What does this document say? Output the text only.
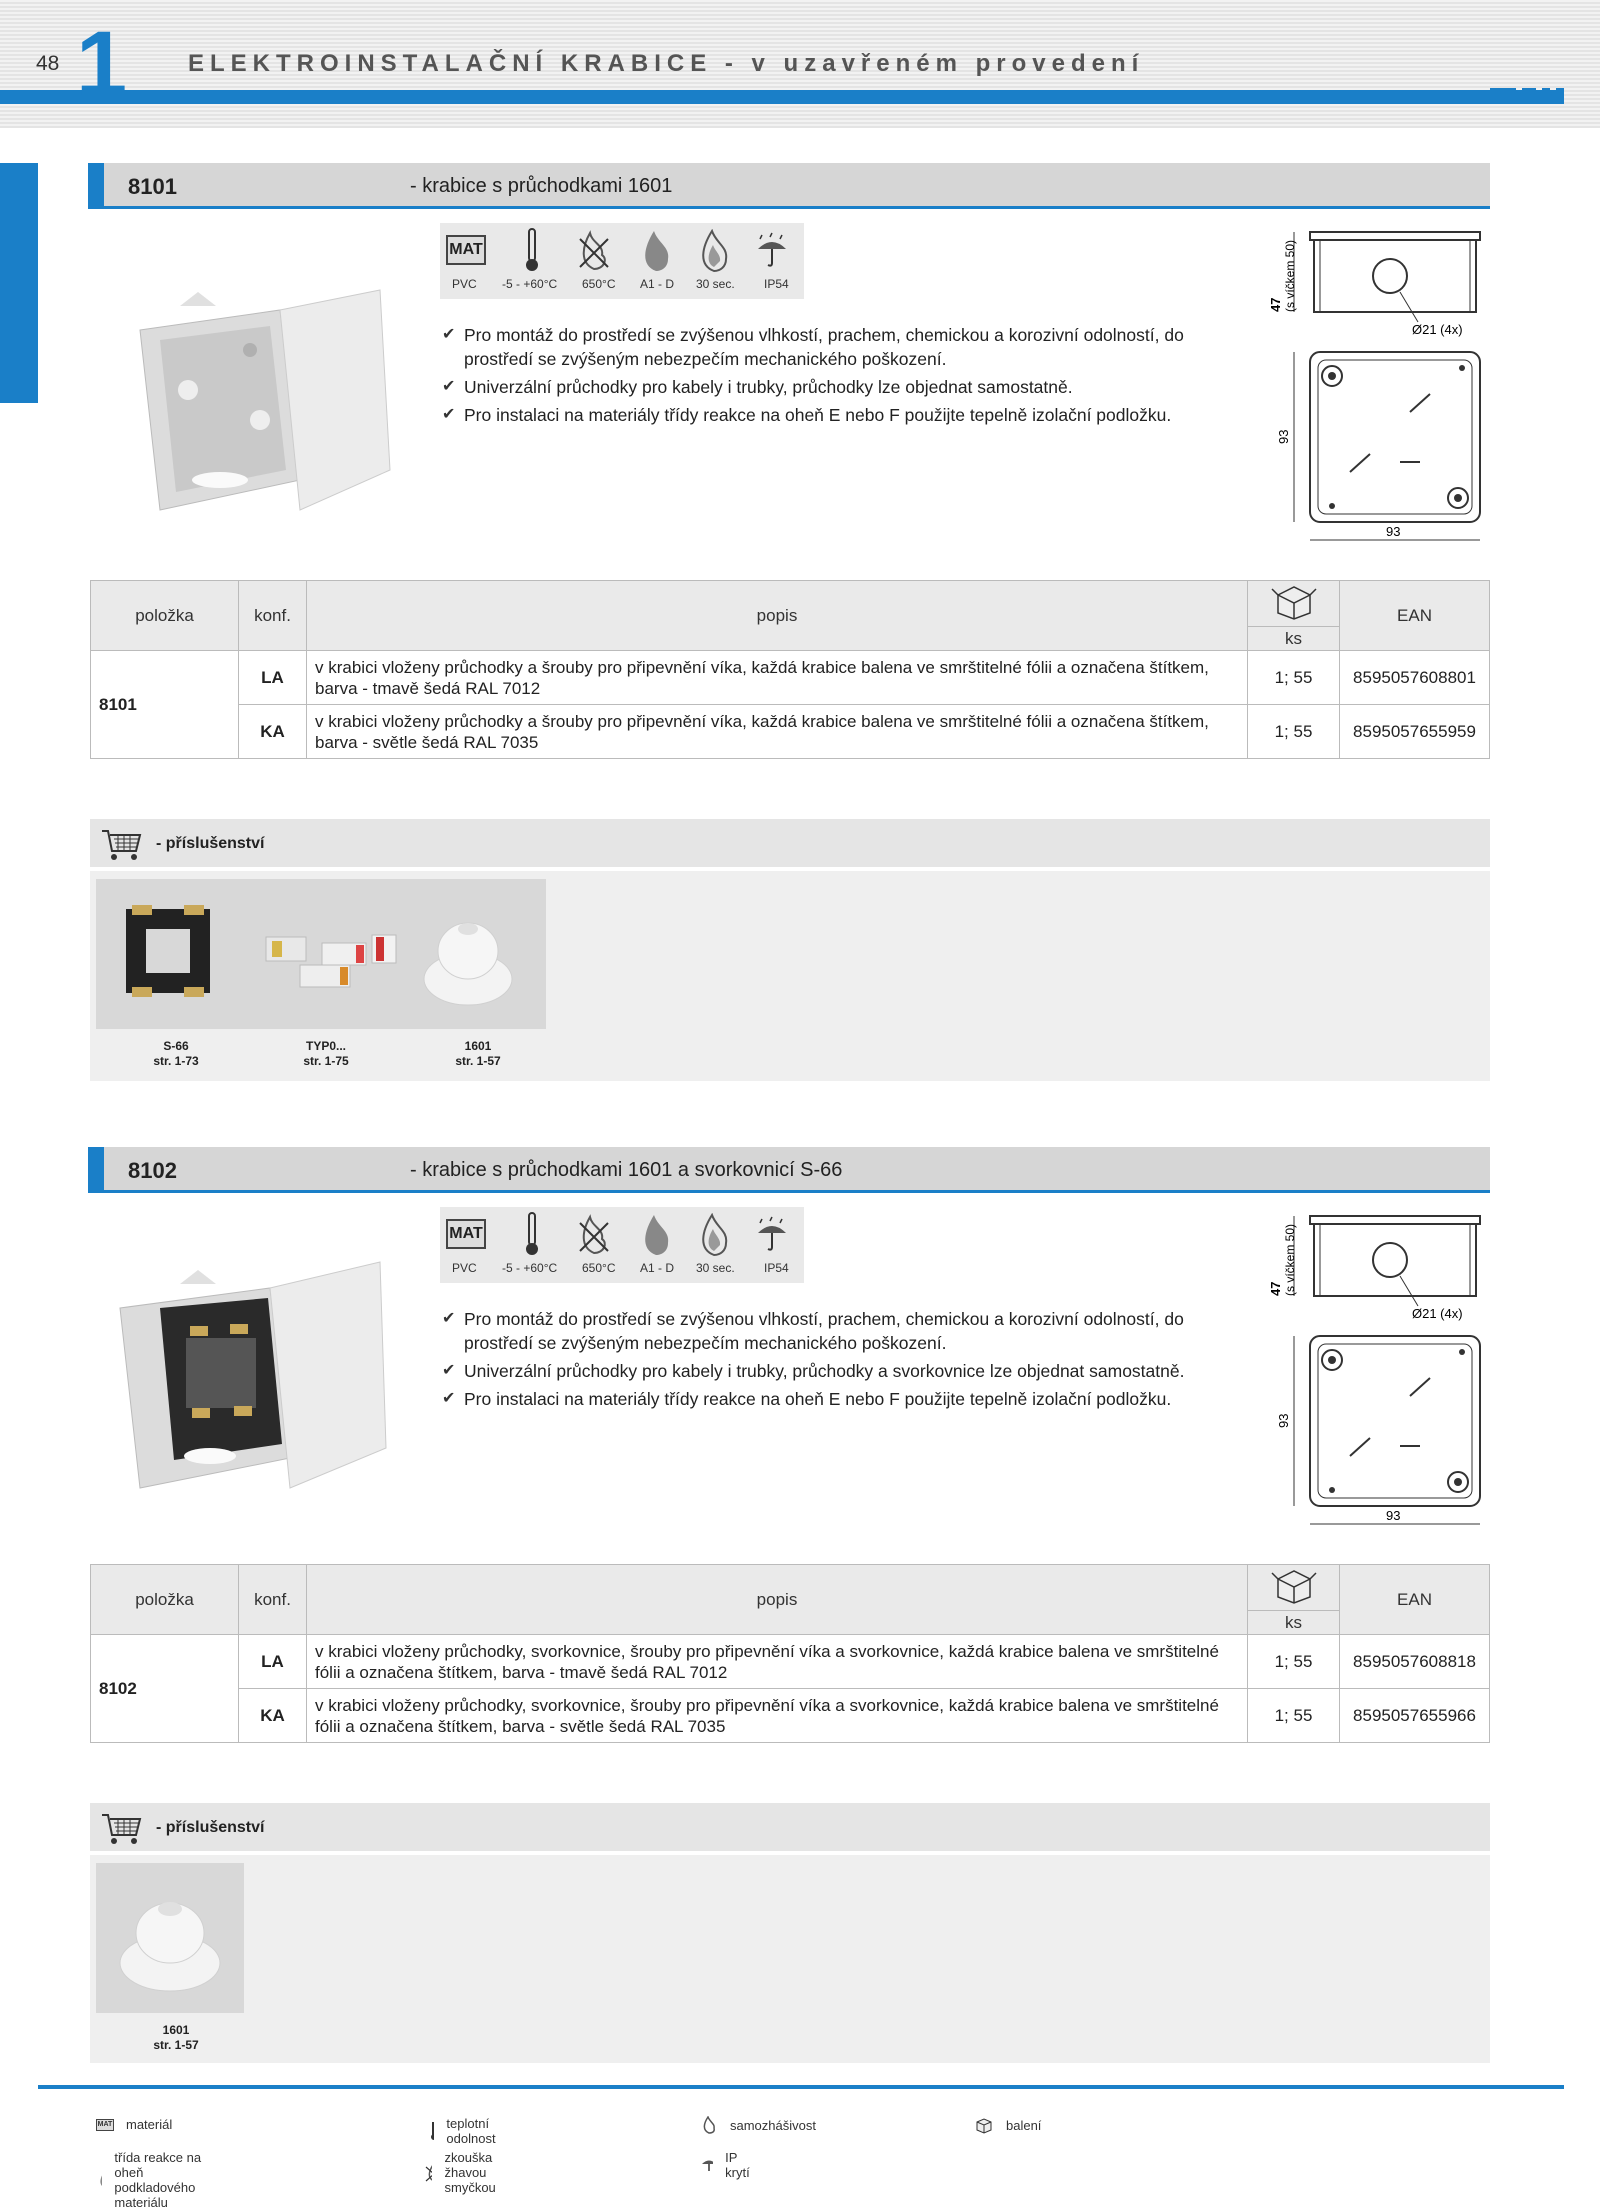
48 1	ELEKTROINSTALAČNÍ KRABICE - v uzavřeném provedení
8101	- krabice s průchodkami 1601
MAT
PVC -5 - +60°C 650°C A1 - D 30 sec. IP54
✔ Pro montáž do prostředí se zvýšenou vlhkostí, prachem, chemickou a korozivní odolností, do prostředí se zvýšeným nebezpečím mechanického poškození.
✔ Univerzální průchodky pro kabely i trubky, průchodky lze objednat samostatně.
✔ Pro instalaci na materiály třídy reakce na oheň E nebo F použijte tepelně izolační podložku.
47 (s víčkem 50)
Ø21 (4x)
93
93
položka	konf.	popis		EAN
			ks	
8101	LA	v krabici vloženy průchodky a šrouby pro připevnění víka, každá krabice balena ve smrštitelné fólii a označena štítkem, barva - tmavě šedá RAL 7012	1; 55	8595057608801
	KA	v krabici vloženy průchodky a šrouby pro připevnění víka, každá krabice balena ve smrštitelné fólii a označena štítkem, barva - světle šedá RAL 7035	1; 55	8595057655959
- příslušenství
S-66
str. 1-73
TYP0...
str. 1-75
1601
str. 1-57
8102	- krabice s průchodkami 1601 a svorkovnicí S-66
MAT
PVC -5 - +60°C 650°C A1 - D 30 sec. IP54
✔ Pro montáž do prostředí se zvýšenou vlhkostí, prachem, chemickou a korozivní odolností, do prostředí se zvýšeným nebezpečím mechanického poškození.
✔ Univerzální průchodky pro kabely i trubky, průchodky a svorkovnice lze objednat samostatně.
✔ Pro instalaci na materiály třídy reakce na oheň E nebo F použijte tepelně izolační podložku.
47 (s víčkem 50)
Ø21 (4x)
93
93
položka	konf.	popis		EAN
			ks	
8102	LA	v krabici vloženy průchodky, svorkovnice, šrouby pro připevnění víka a svorkovnice, každá krabice balena ve smrštitelné fólii a označena štítkem, barva - tmavě šedá RAL 7012	1; 55	8595057608818
	KA	v krabici vloženy průchodky, svorkovnice, šrouby pro připevnění víka a svorkovnice, každá krabice balena ve smrštitelné fólii a označena štítkem, barva - světle šedá RAL 7035	1; 55	8595057655966
- příslušenství
1601
str. 1-57
MAT materiál	teplotní odolnost
samozhášivost	balení
třída reakce na oheň podkladového materiálu
zkouška žhavou smyčkou
IP krytí
